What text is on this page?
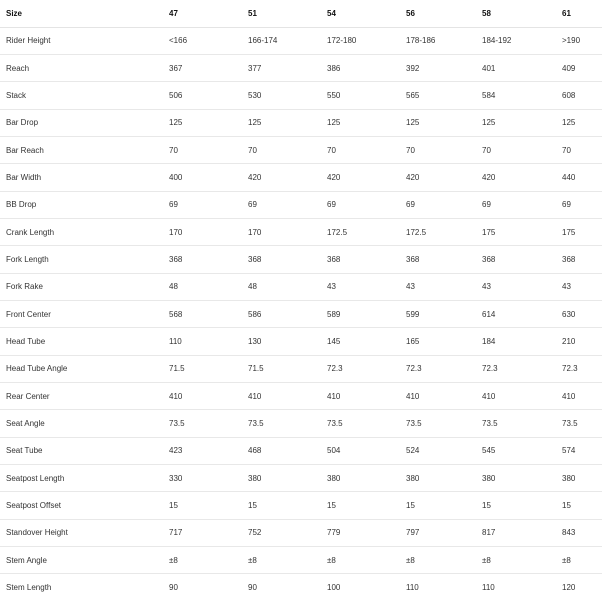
Size	47	51	54	56	58	61
Rider Height	<166	166-174	172-180	178-186	184-192	>190
Reach	367	377	386	392	401	409
Stack	506	530	550	565	584	608
Bar Drop	125	125	125	125	125	125
Bar Reach	70	70	70	70	70	70
Bar Width	400	420	420	420	420	440
BB Drop	69	69	69	69	69	69
Crank Length	170	170	172.5	172.5	175	175
Fork Length	368	368	368	368	368	368
Fork Rake	48	48	43	43	43	43
Front Center	568	586	589	599	614	630
Head Tube	110	130	145	165	184	210
Head Tube Angle	71.5	71.5	72.3	72.3	72.3	72.3
Rear Center	410	410	410	410	410	410
Seat Angle	73.5	73.5	73.5	73.5	73.5	73.5
Seat Tube	423	468	504	524	545	574
Seatpost Length	330	380	380	380	380	380
Seatpost Offset	15	15	15	15	15	15
Standover Height	717	752	779	797	817	843
Stem Angle	±8	±8	±8	±8	±8	±8
Stem Length	90	90	100	110	110	120
